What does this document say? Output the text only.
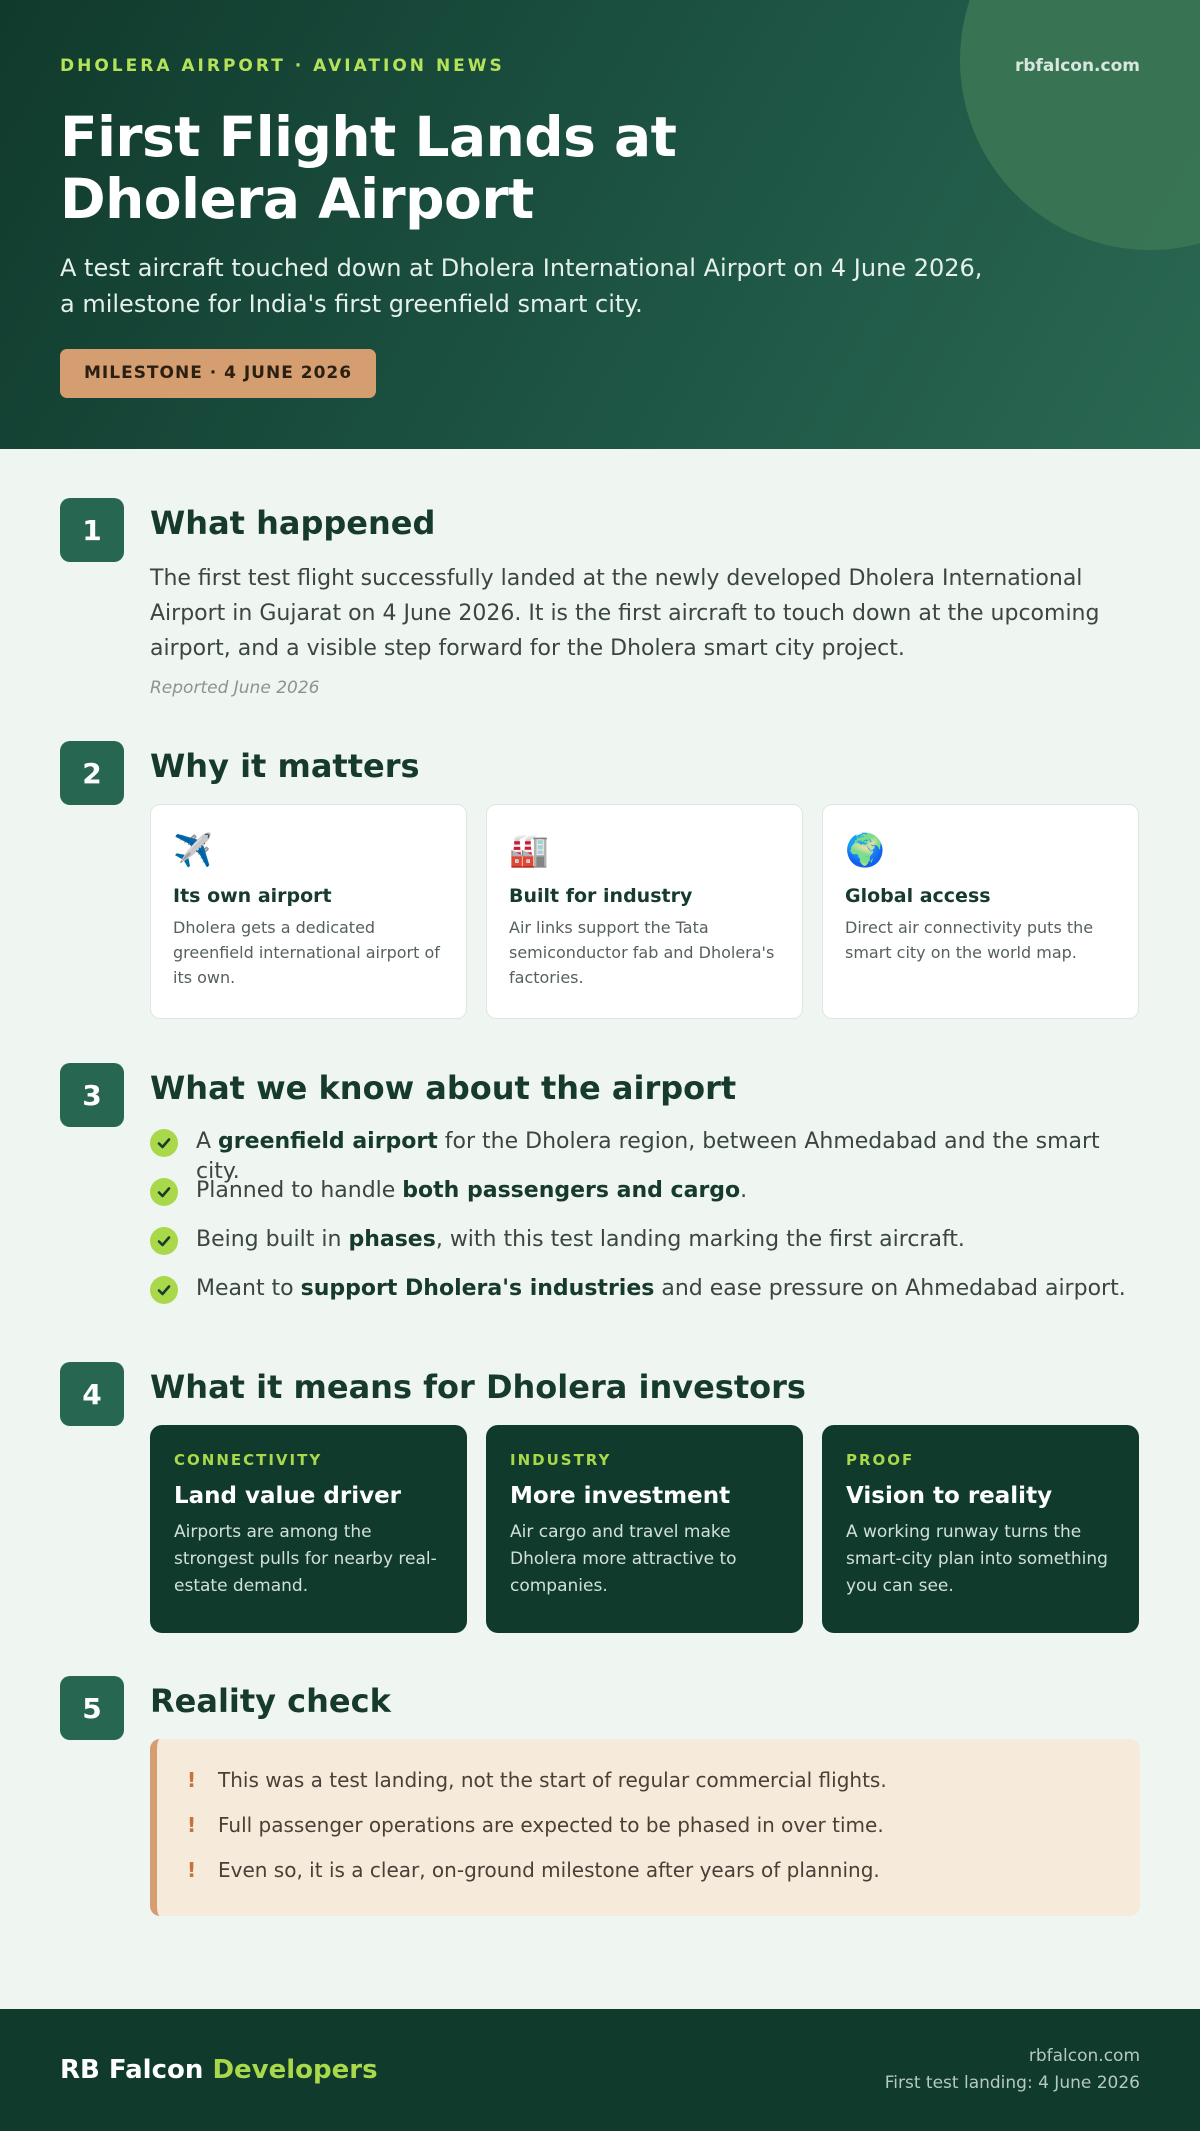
DHOLERA AIRPORT · AVIATION NEWS	rbfalcon.com
First Flight Lands at Dholera Airport

A test aircraft touched down at Dholera International Airport on 4 June 2026, a milestone for India's first greenfield smart city.

MILESTONE · 4 JUNE 2026
1	What happened

The first test flight successfully landed at the newly developed Dholera International Airport in Gujarat on 4 June 2026. It is the first aircraft to touch down at the upcoming airport, and a visible step forward for the Dholera smart city project.

Reported June 2026

2	Why it matters
✈️
Its own airport
Dholera gets a dedicated greenfield international airport of its own.
🏭
Built for industry
Air links support the Tata semiconductor fab and Dholera's factories.
🌍
Global access
Direct air connectivity puts the smart city on the world map.
3	What we know about the airport
A greenfield airport for the Dholera region, between Ahmedabad and the smart city.
Planned to handle both passengers and cargo.
Being built in phases, with this test landing marking the first aircraft.
Meant to support Dholera's industries and ease pressure on Ahmedabad airport.
4	What it means for Dholera investors
CONNECTIVITY
Land value driver
Airports are among the strongest pulls for nearby real-estate demand.
INDUSTRY
More investment
Air cargo and travel make Dholera more attractive to companies.
PROOF
Vision to reality
A working runway turns the smart-city plan into something you can see.
5	Reality check
! This was a test landing, not the start of regular commercial flights.
! Full passenger operations are expected to be phased in over time.
! Even so, it is a clear, on-ground milestone after years of planning.
RB Falcon Developers	rbfalcon.com
First test landing: 4 June 2026
